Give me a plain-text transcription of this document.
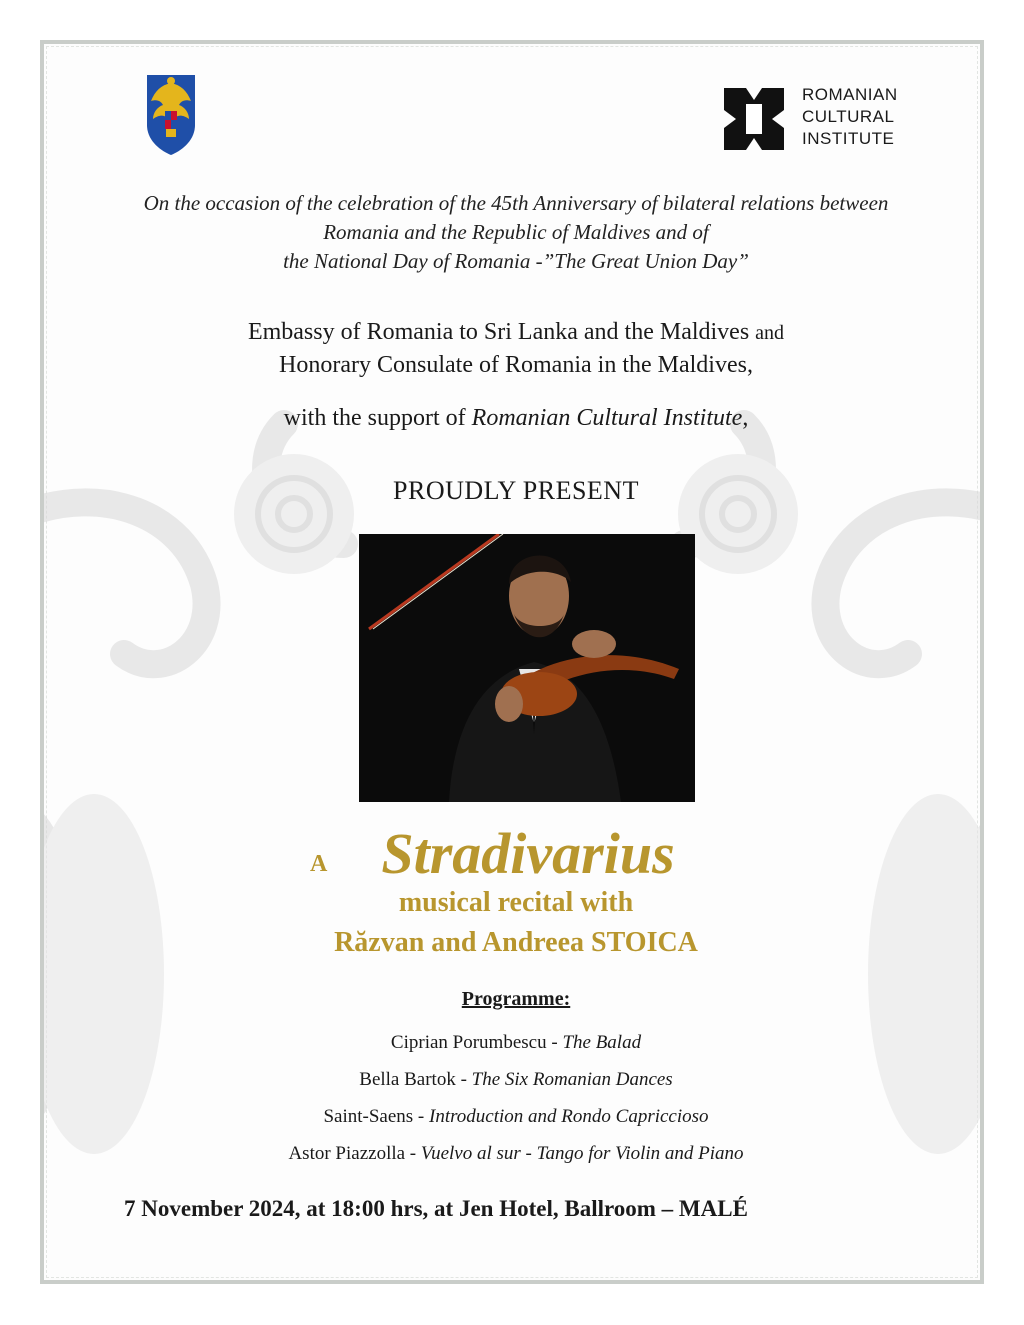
ROMANIAN
CULTURAL
INSTITUTE
On the occasion of the celebration of the 45th Anniversary of bilateral relations between
Romania and the Republic of Maldives and of
the National Day of Romania -”The Great Union Day”
Embassy of Romania to Sri Lanka and the Maldives and
Honorary Consulate of Romania in the Maldives,
with the support of Romanian Cultural Institute,
PROUDLY PRESENT
A Stradivarius
musical recital with
Răzvan and Andreea STOICA
Programme:
Ciprian Porumbescu - The Balad
Bella Bartok - The Six Romanian Dances
Saint-Saens - Introduction and Rondo Capriccioso
Astor Piazzolla - Vuelvo al sur - Tango for Violin and Piano
7 November 2024, at 18:00 hrs, at Jen Hotel, Ballroom – MALÉ
